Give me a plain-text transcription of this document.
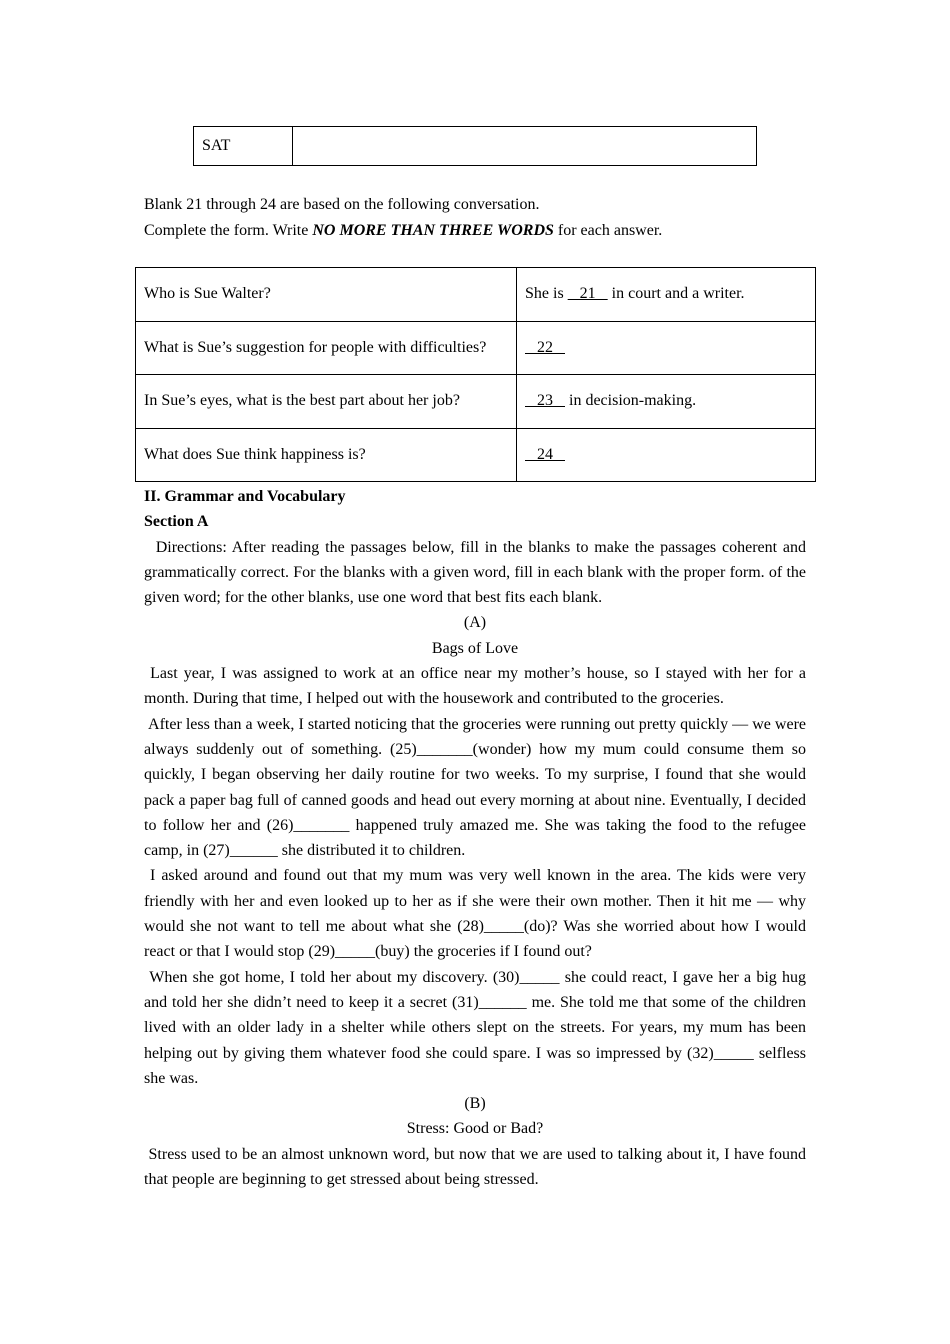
SAT	
Blank 21 through 24 are based on the following conversation.
Complete the form. Write NO MORE THAN THREE WORDS for each answer.
Who is Sue Walter?	She is    21    in court and a writer.
What is Sue’s suggestion for people with difficulties?	22
In Sue’s eyes, what is the best part about her job?	23    in decision-making.
What does Sue think happiness is?	24

II. Grammar and Vocabulary

Section A

Directions: After reading the passages below, fill in the blanks to make the passages coherent and grammatically correct. For the blanks with a given word, fill in each blank with the proper form. of the given word; for the other blanks, use one word that best fits each blank.

(A)

Bags of Love

Last year, I was assigned to work at an office near my mother’s house, so I stayed with her for a month. During that time, I helped out with the housework and contributed to the groceries.

After less than a week, I started noticing that the groceries were running out pretty quickly — we were always suddenly out of something. (25)_______(wonder) how my mum could consume them so quickly, I began observing her daily routine for two weeks. To my surprise, I found that she would pack a paper bag full of canned goods and head out every morning at about nine. Eventually, I decided to follow her and (26)_______ happened truly amazed me. She was taking the food to the refugee camp, in (27)______ she distributed it to children.

I asked around and found out that my mum was very well known in the area. The kids were very friendly with her and even looked up to her as if she were their own mother. Then it hit me — why would she not want to tell me about what she (28)_____(do)? Was she worried about how I would react or that I would stop (29)_____(buy) the groceries if I found out?

When she got home, I told her about my discovery. (30)_____ she could react, I gave her a big hug and told her she didn’t need to keep it a secret (31)______ me. She told me that some of the children lived with an older lady in a shelter while others slept on the streets. For years, my mum has been helping out by giving them whatever food she could spare. I was so impressed by (32)_____ selfless she was.

(B)

Stress: Good or Bad?

Stress used to be an almost unknown word, but now that we are used to talking about it, I have found that people are beginning to get stressed about being stressed.
